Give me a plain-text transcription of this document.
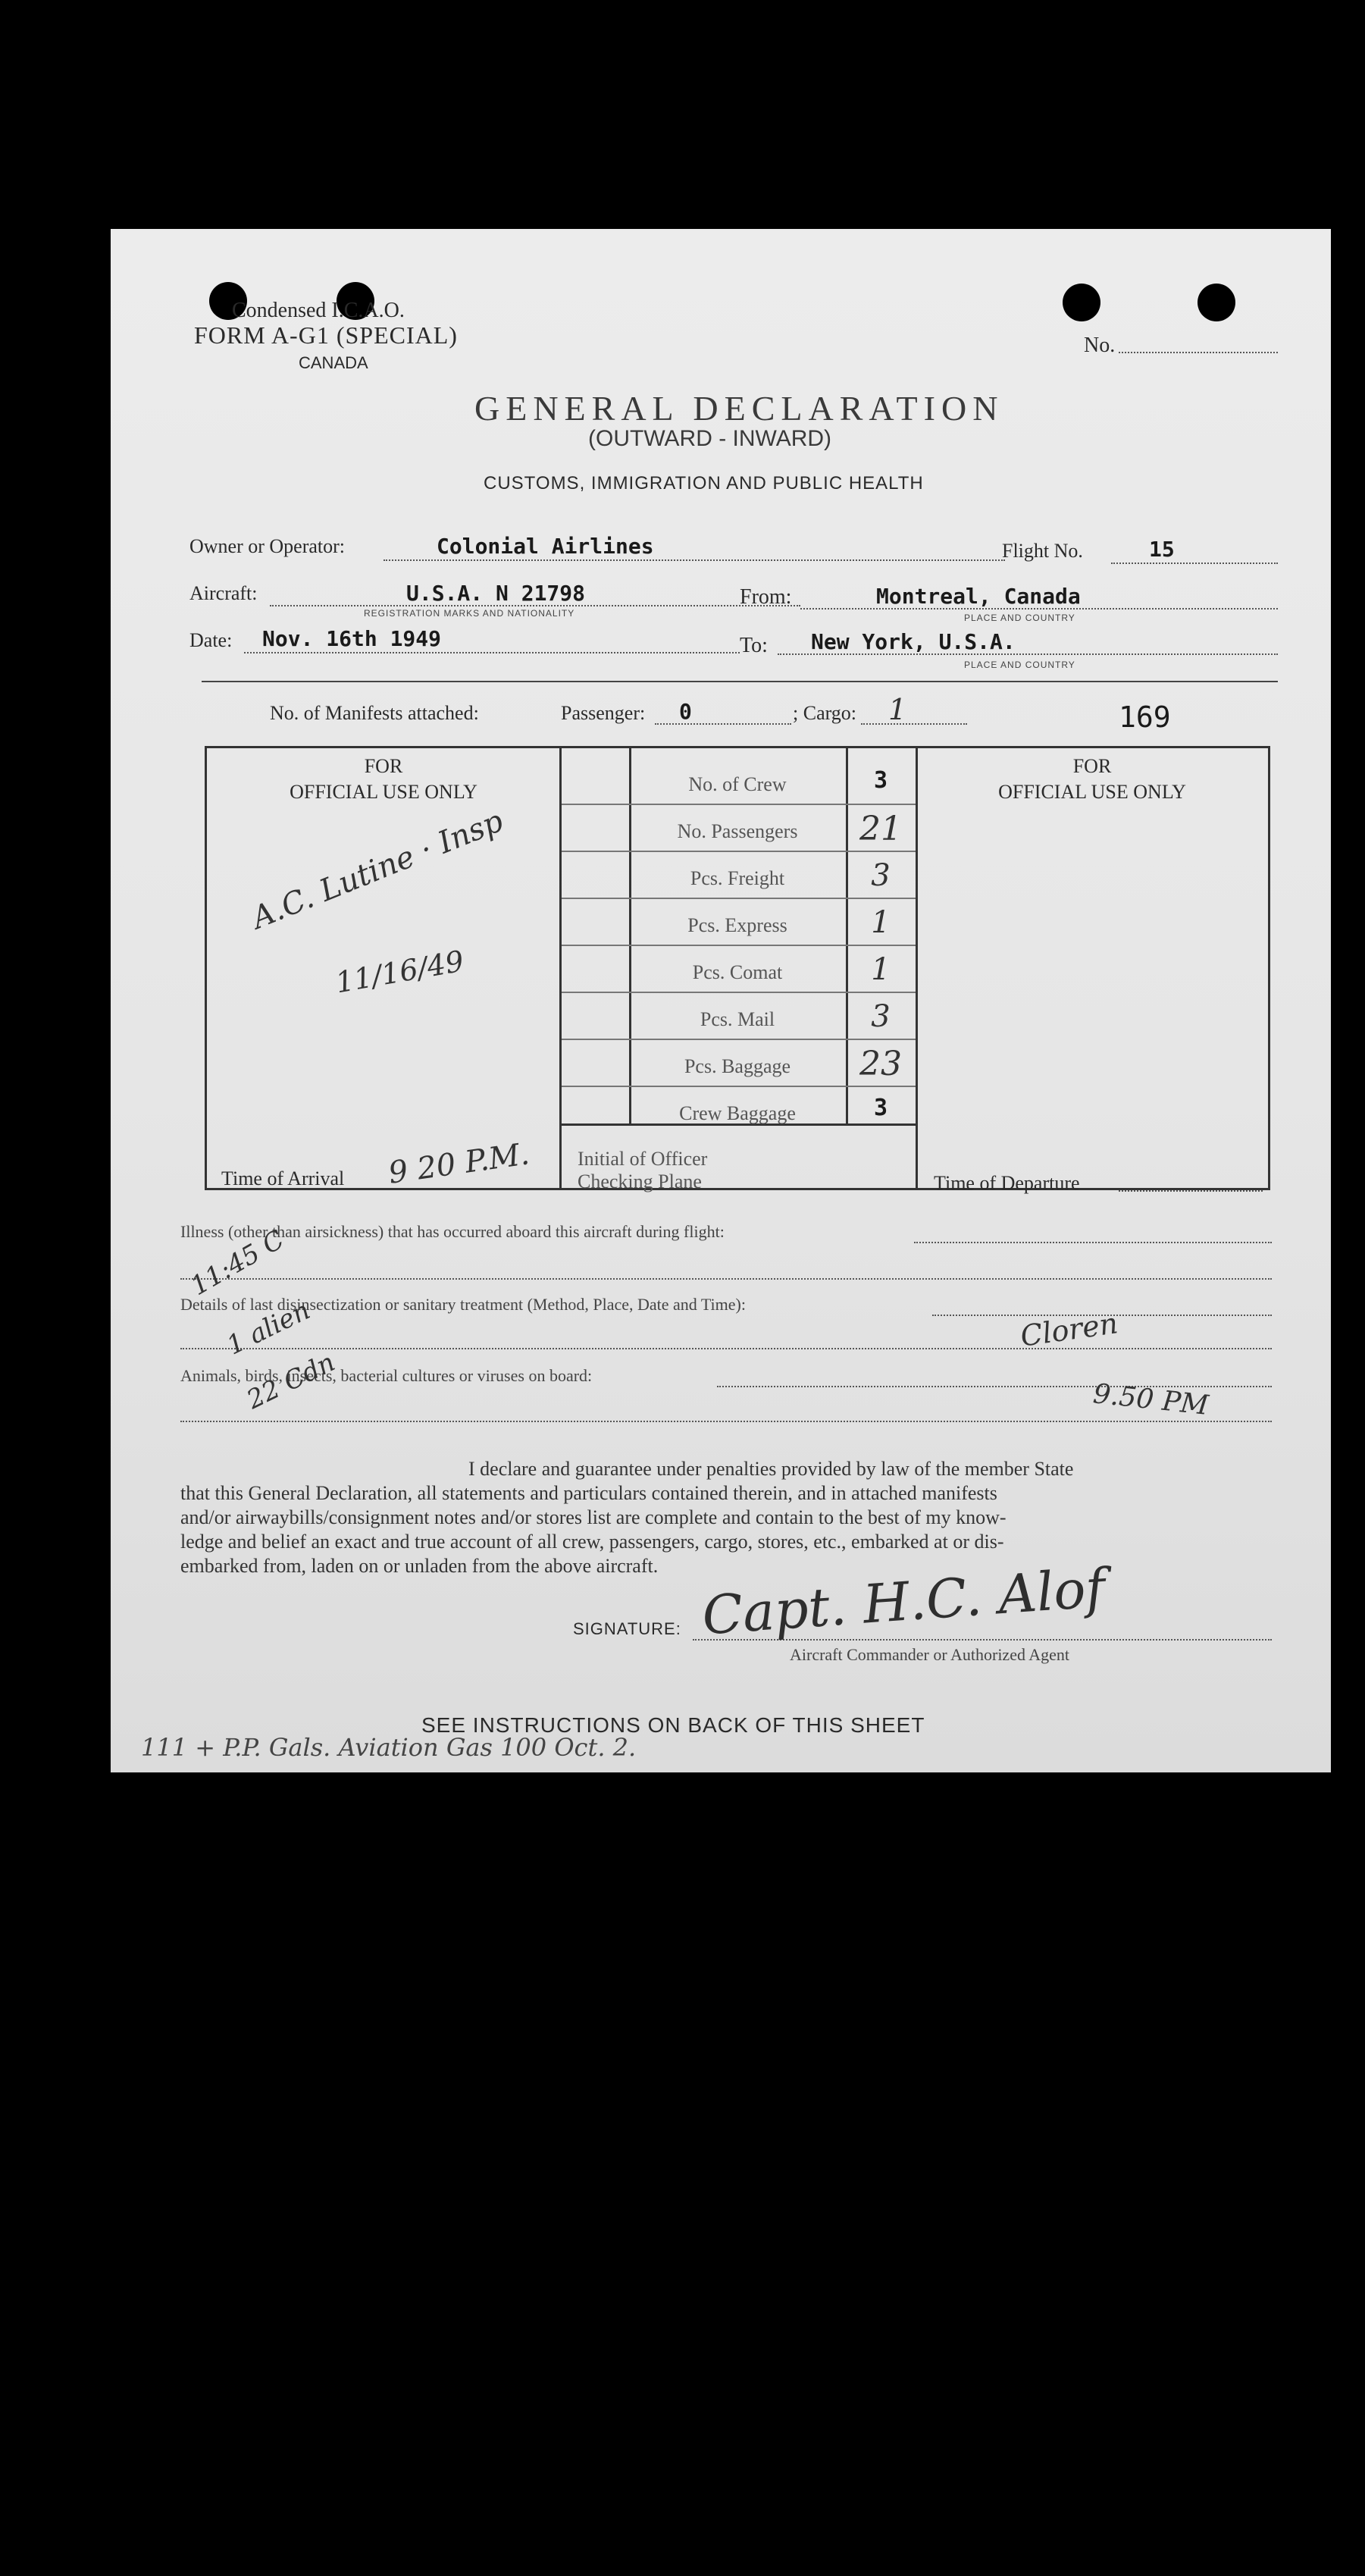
Condensed I.C.A.O.
FORM A-G1 (SPECIAL)
CANADA
No.
GENERAL DECLARATION
(OUTWARD - INWARD)
CUSTOMS, IMMIGRATION AND PUBLIC HEALTH
Owner or Operator:	Colonial Airlines	Flight No.	15
Aircraft:	U.S.A. N 21798
REGISTRATION MARKS AND NATIONALITY
From:	Montreal, Canada
PLACE AND COUNTRY
Date: Nov. 16th 1949	To: New York, U.S.A.
PLACE AND COUNTRY
No. of Manifests attached:	Passenger: 0	; Cargo: 1	169
FOR
OFFICIAL USE ONLY
FOR
OFFICIAL USE ONLY
No. of Crew	3
No. Passengers	21
Pcs. Freight	3
Pcs. Express	1
Pcs. Comat	1
Pcs. Mail	3
Pcs. Baggage	23
Crew Baggage	3
A.C. Lutine · Insp
11/16/49
Time of Arrival 9 20 P.M. Initial of Officer
Checking Plane	Time of Departure
Illness (other than airsickness) that has occurred aboard this aircraft during flight:
Details of last disinsectization or sanitary treatment (Method, Place, Date and Time):
Animals, birds, insects, bacterial cultures or viruses on board:
11:45 C
1 alien
22 Cdn
Cloren
9.50 PM
I declare and guarantee under penalties provided by law of the member State
that this General Declaration, all statements and particulars contained therein, and in attached manifests
and/or airwaybills/consignment notes and/or stores list are complete and contain to the best of my know-
ledge and belief an exact and true account of all crew, passengers, cargo, stores, etc., embarked at or dis-
embarked from, laden on or unladen from the above aircraft.
SIGNATURE: Capt. H.C. Alof
Aircraft Commander or Authorized Agent
SEE INSTRUCTIONS ON BACK OF THIS SHEET
111 + P.P. Gals. Aviation Gas 100 Oct. 2.
